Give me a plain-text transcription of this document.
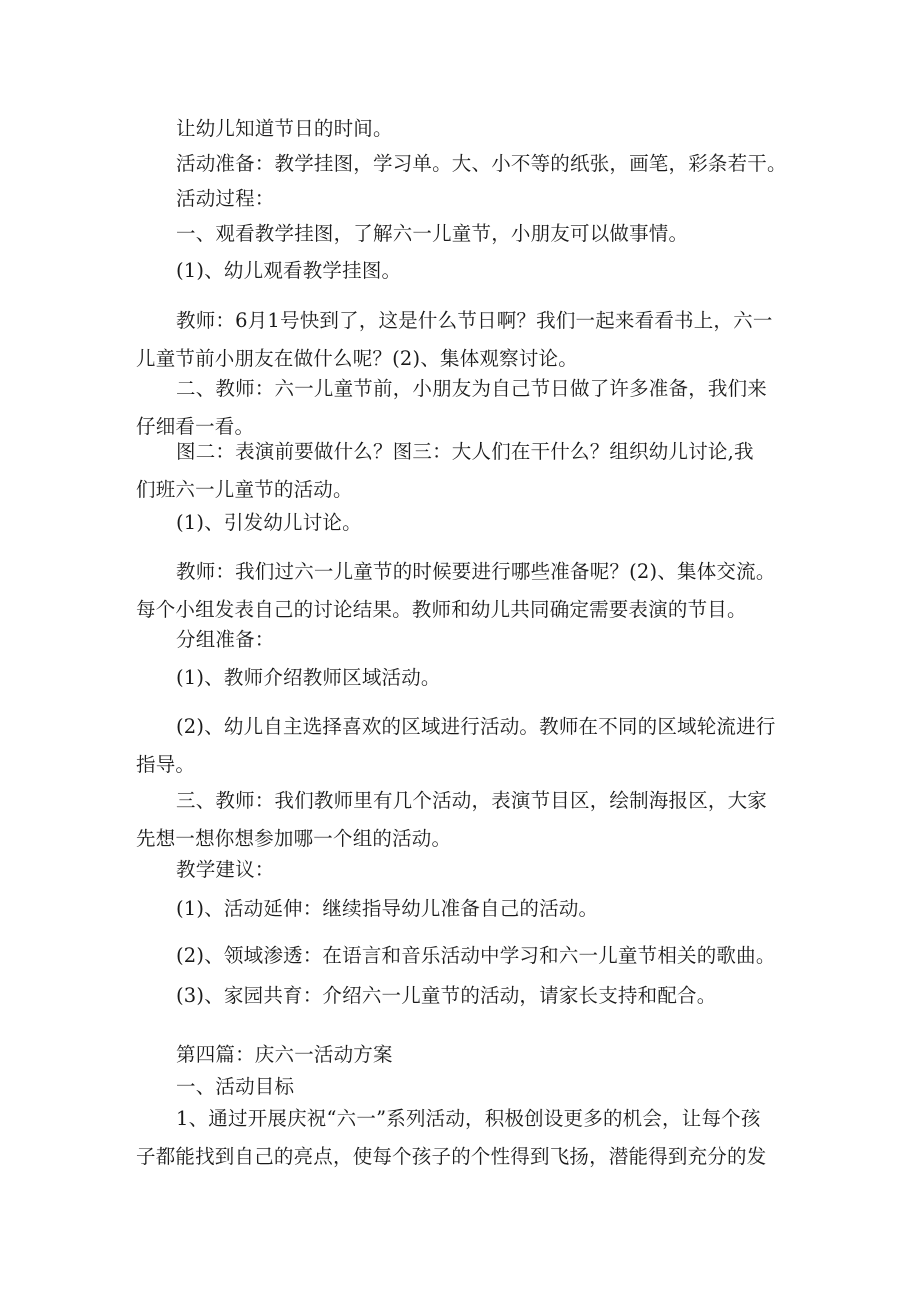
让幼儿知道节日的时间。
活动准备：教学挂图，学习单。大、小不等的纸张，画笔，彩条若干。
活动过程：
一、观看教学挂图，了解六一儿童节，小朋友可以做事情。
(1)、幼儿观看教学挂图。
教师：6月1号快到了，这是什么节日啊？我们一起来看看书上，六一
儿童节前小朋友在做什么呢？(2)、集体观察讨论。
二、教师：六一儿童节前，小朋友为自己节日做了许多准备，我们来
仔细看一看。
图二：表演前要做什么？图三：大人们在干什么？组织幼儿讨论,我
们班六一儿童节的活动。
(1)、引发幼儿讨论。
教师：我们过六一儿童节的时候要进行哪些准备呢？(2)、集体交流。
每个小组发表自己的讨论结果。教师和幼儿共同确定需要表演的节目。
分组准备：
(1)、教师介绍教师区域活动。
(2)、幼儿自主选择喜欢的区域进行活动。教师在不同的区域轮流进行
指导。
三、教师：我们教师里有几个活动，表演节目区，绘制海报区，大家
先想一想你想参加哪一个组的活动。
教学建议：
(1)、活动延伸：继续指导幼儿准备自己的活动。
(2)、领域渗透：在语言和音乐活动中学习和六一儿童节相关的歌曲。
(3)、家园共育：介绍六一儿童节的活动，请家长支持和配合。
第四篇：庆六一活动方案
一、活动目标
1、通过开展庆祝“六一”系列活动，积极创设更多的机会，让每个孩
子都能找到自己的亮点，使每个孩子的个性得到飞扬，潜能得到充分的发
